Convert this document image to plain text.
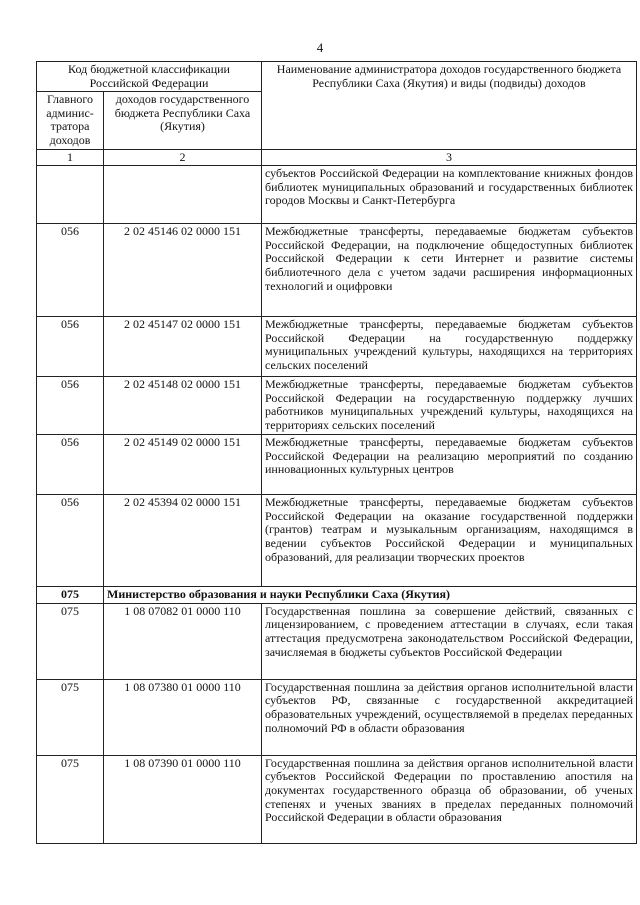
4
Код бюджетной классификации Российской Федерации		Наименование администратора доходов государственного бюджета Республики Саха (Якутия) и виды (подвиды) доходов
Главного админис-тратора доходов	доходов государственного бюджета Республики Саха (Якутия)	
1	2	3
		субъектов Российской Федерации на комплектование книжных фондов библиотек муниципальных образований и государственных библиотек городов Москвы и Санкт-Петербурга
056	2 02 45146 02 0000 151	Межбюджетные трансферты, передаваемые бюджетам субъектов Российской Федерации, на подключение общедоступных библиотек Российской Федерации к сети Интернет и развитие системы библиотечного дела с учетом задачи расширения информационных технологий и оцифровки
056	2 02 45147 02 0000 151	Межбюджетные трансферты, передаваемые бюджетам субъектов Российской Федерации на государственную поддержку муниципальных учреждений культуры, находящихся на территориях сельских поселений
056	2 02 45148 02 0000 151	Межбюджетные трансферты, передаваемые бюджетам субъектов Российской Федерации на государственную поддержку лучших работников муниципальных учреждений культуры, находящихся на территориях сельских поселений
056	2 02 45149 02 0000 151	Межбюджетные трансферты, передаваемые бюджетам субъектов Российской Федерации на реализацию мероприятий по созданию инновационных культурных центров
056	2 02 45394 02 0000 151	Межбюджетные трансферты, передаваемые бюджетам субъектов Российской Федерации на оказание государственной поддержки (грантов) театрам и музыкальным организациям, находящимся в ведении субъектов Российской Федерации и муниципальных образований, для реализации творческих проектов
075	Министерство образования и науки Республики Саха (Якутия)	
075	1 08 07082 01 0000 110	Государственная пошлина за совершение действий, связанных с лицензированием, с проведением аттестации в случаях, если такая аттестация предусмотрена законодательством Российской Федерации, зачисляемая в бюджеты субъектов Российской Федерации
075	1 08 07380 01 0000 110	Государственная пошлина за действия органов исполнительной власти субъектов РФ, связанные с государственной аккредитацией образовательных учреждений, осуществляемой в пределах переданных полномочий РФ в области образования
075	1 08 07390 01 0000 110	Государственная пошлина за действия органов исполнительной власти субъектов Российской Федерации по проставлению апостиля на документах государственного образца об образовании, об ученых степенях и ученых званиях в пределах переданных полномочий Российской Федерации в области образования
